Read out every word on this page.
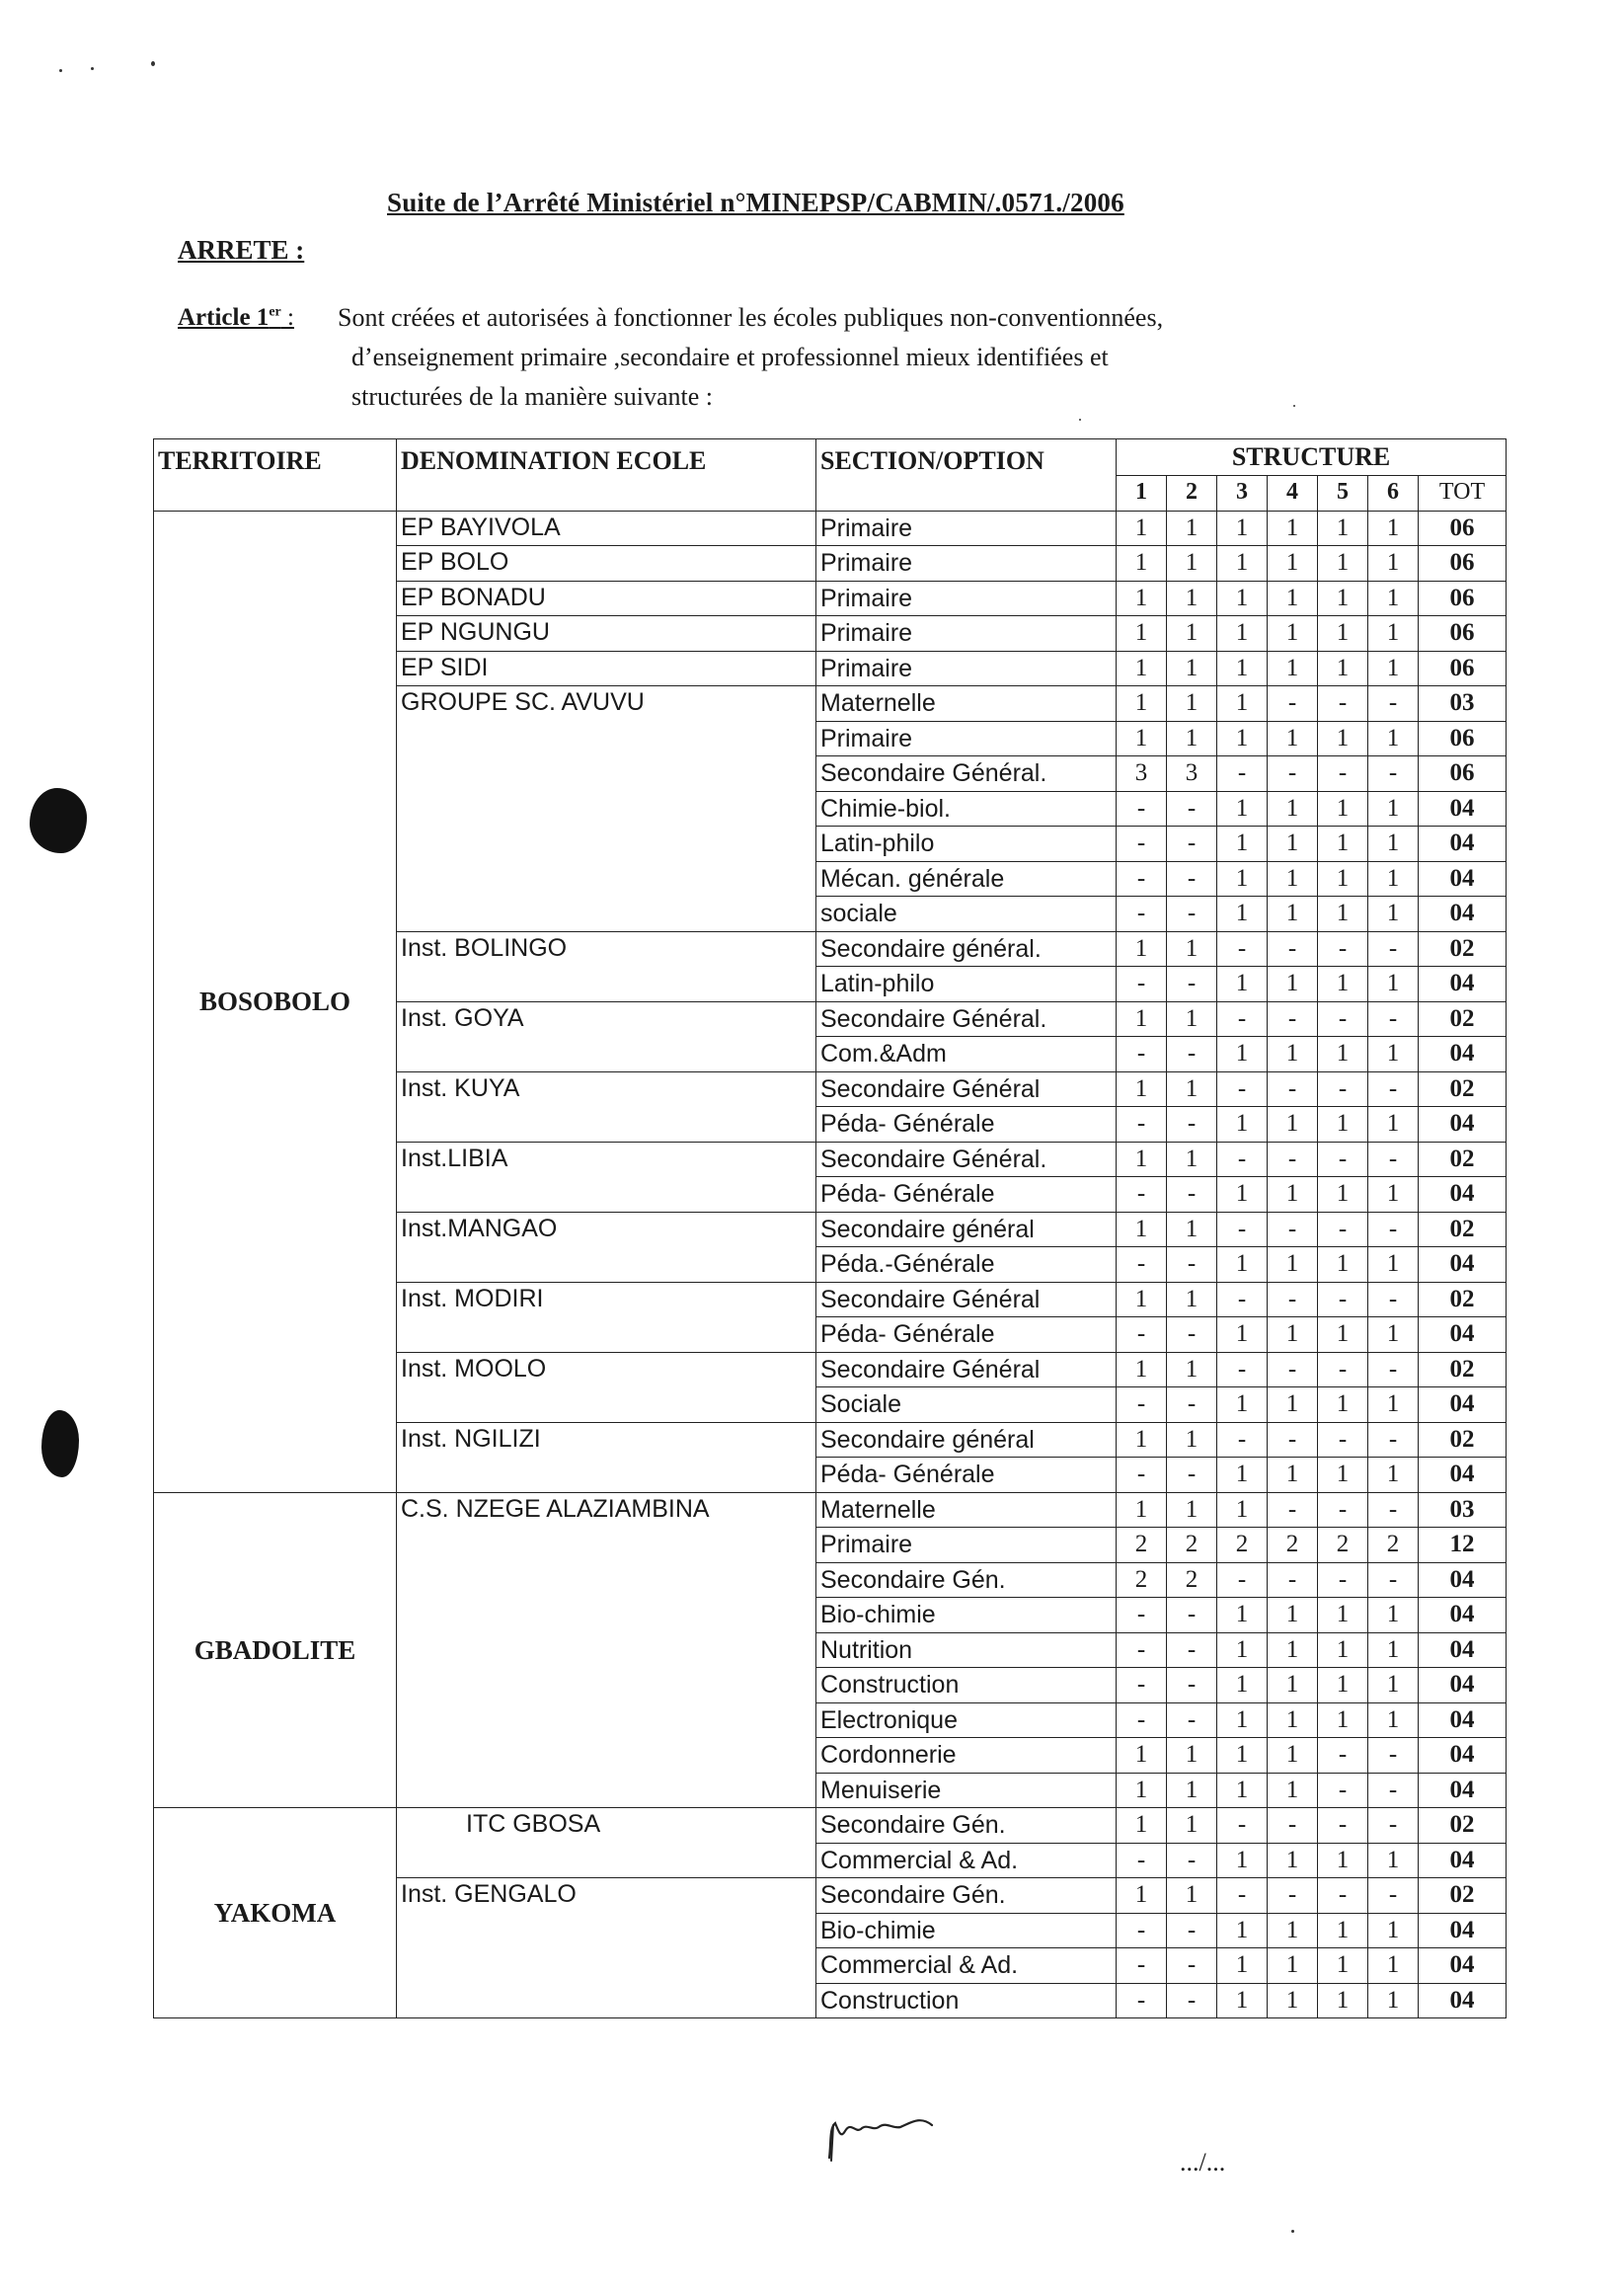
Suite de l’Arrêté Ministériel n°MINEPSP/CABMIN/.0571./2006
ARRETE :
Article 1er : Sont créées et autorisées à fonctionner les écoles publiques non-conventionnées,
d’enseignement primaire ,secondaire et professionnel mieux identifiées et
structurées de la manière suivante :
TERRITOIRE	DENOMINATION ECOLE	SECTION/OPTION	STRUCTURE						
			1	2	3	4	5	6	TOT
BOSOBOLO	EP BAYIVOLA	Primaire	1	1	1	1	1	1	06
	EP BOLO	Primaire	1	1	1	1	1	1	06
	EP BONADU	Primaire	1	1	1	1	1	1	06
	EP NGUNGU	Primaire	1	1	1	1	1	1	06
	EP SIDI	Primaire	1	1	1	1	1	1	06
	GROUPE SC. AVUVU	Maternelle	1	1	1	-	-	-	03
		Primaire	1	1	1	1	1	1	06
		Secondaire Général.	3	3	-	-	-	-	06
		Chimie-biol.	-	-	1	1	1	1	04
		Latin-philo	-	-	1	1	1	1	04
		Mécan. générale	-	-	1	1	1	1	04
		sociale	-	-	1	1	1	1	04
	Inst. BOLINGO	Secondaire général.	1	1	-	-	-	-	02
		Latin-philo	-	-	1	1	1	1	04
	Inst. GOYA	Secondaire Général.	1	1	-	-	-	-	02
		Com.&Adm	-	-	1	1	1	1	04
	Inst. KUYA	Secondaire Général	1	1	-	-	-	-	02
		Péda- Générale	-	-	1	1	1	1	04
	Inst.LIBIA	Secondaire Général.	1	1	-	-	-	-	02
		Péda- Générale	-	-	1	1	1	1	04
	Inst.MANGAO	Secondaire général	1	1	-	-	-	-	02
		Péda.-Générale	-	-	1	1	1	1	04
	Inst. MODIRI	Secondaire Général	1	1	-	-	-	-	02
		Péda- Générale	-	-	1	1	1	1	04
	Inst. MOOLO	Secondaire Général	1	1	-	-	-	-	02
		Sociale	-	-	1	1	1	1	04
	Inst. NGILIZI	Secondaire général	1	1	-	-	-	-	02
		Péda- Générale	-	-	1	1	1	1	04
GBADOLITE	C.S. NZEGE ALAZIAMBINA	Maternelle	1	1	1	-	-	-	03
		Primaire	2	2	2	2	2	2	12
		Secondaire Gén.	2	2	-	-	-	-	04
		Bio-chimie	-	-	1	1	1	1	04
		Nutrition	-	-	1	1	1	1	04
		Construction	-	-	1	1	1	1	04
		Electronique	-	-	1	1	1	1	04
		Cordonnerie	1	1	1	1	-	-	04
		Menuiserie	1	1	1	1	-	-	04
YAKOMA	ITC GBOSA	Secondaire Gén.	1	1	-	-	-	-	02
		Commercial & Ad.	-	-	1	1	1	1	04
	Inst. GENGALO	Secondaire Gén.	1	1	-	-	-	-	02
		Bio-chimie	-	-	1	1	1	1	04
		Commercial & Ad.	-	-	1	1	1	1	04
		Construction	-	-	1	1	1	1	04
.../...
